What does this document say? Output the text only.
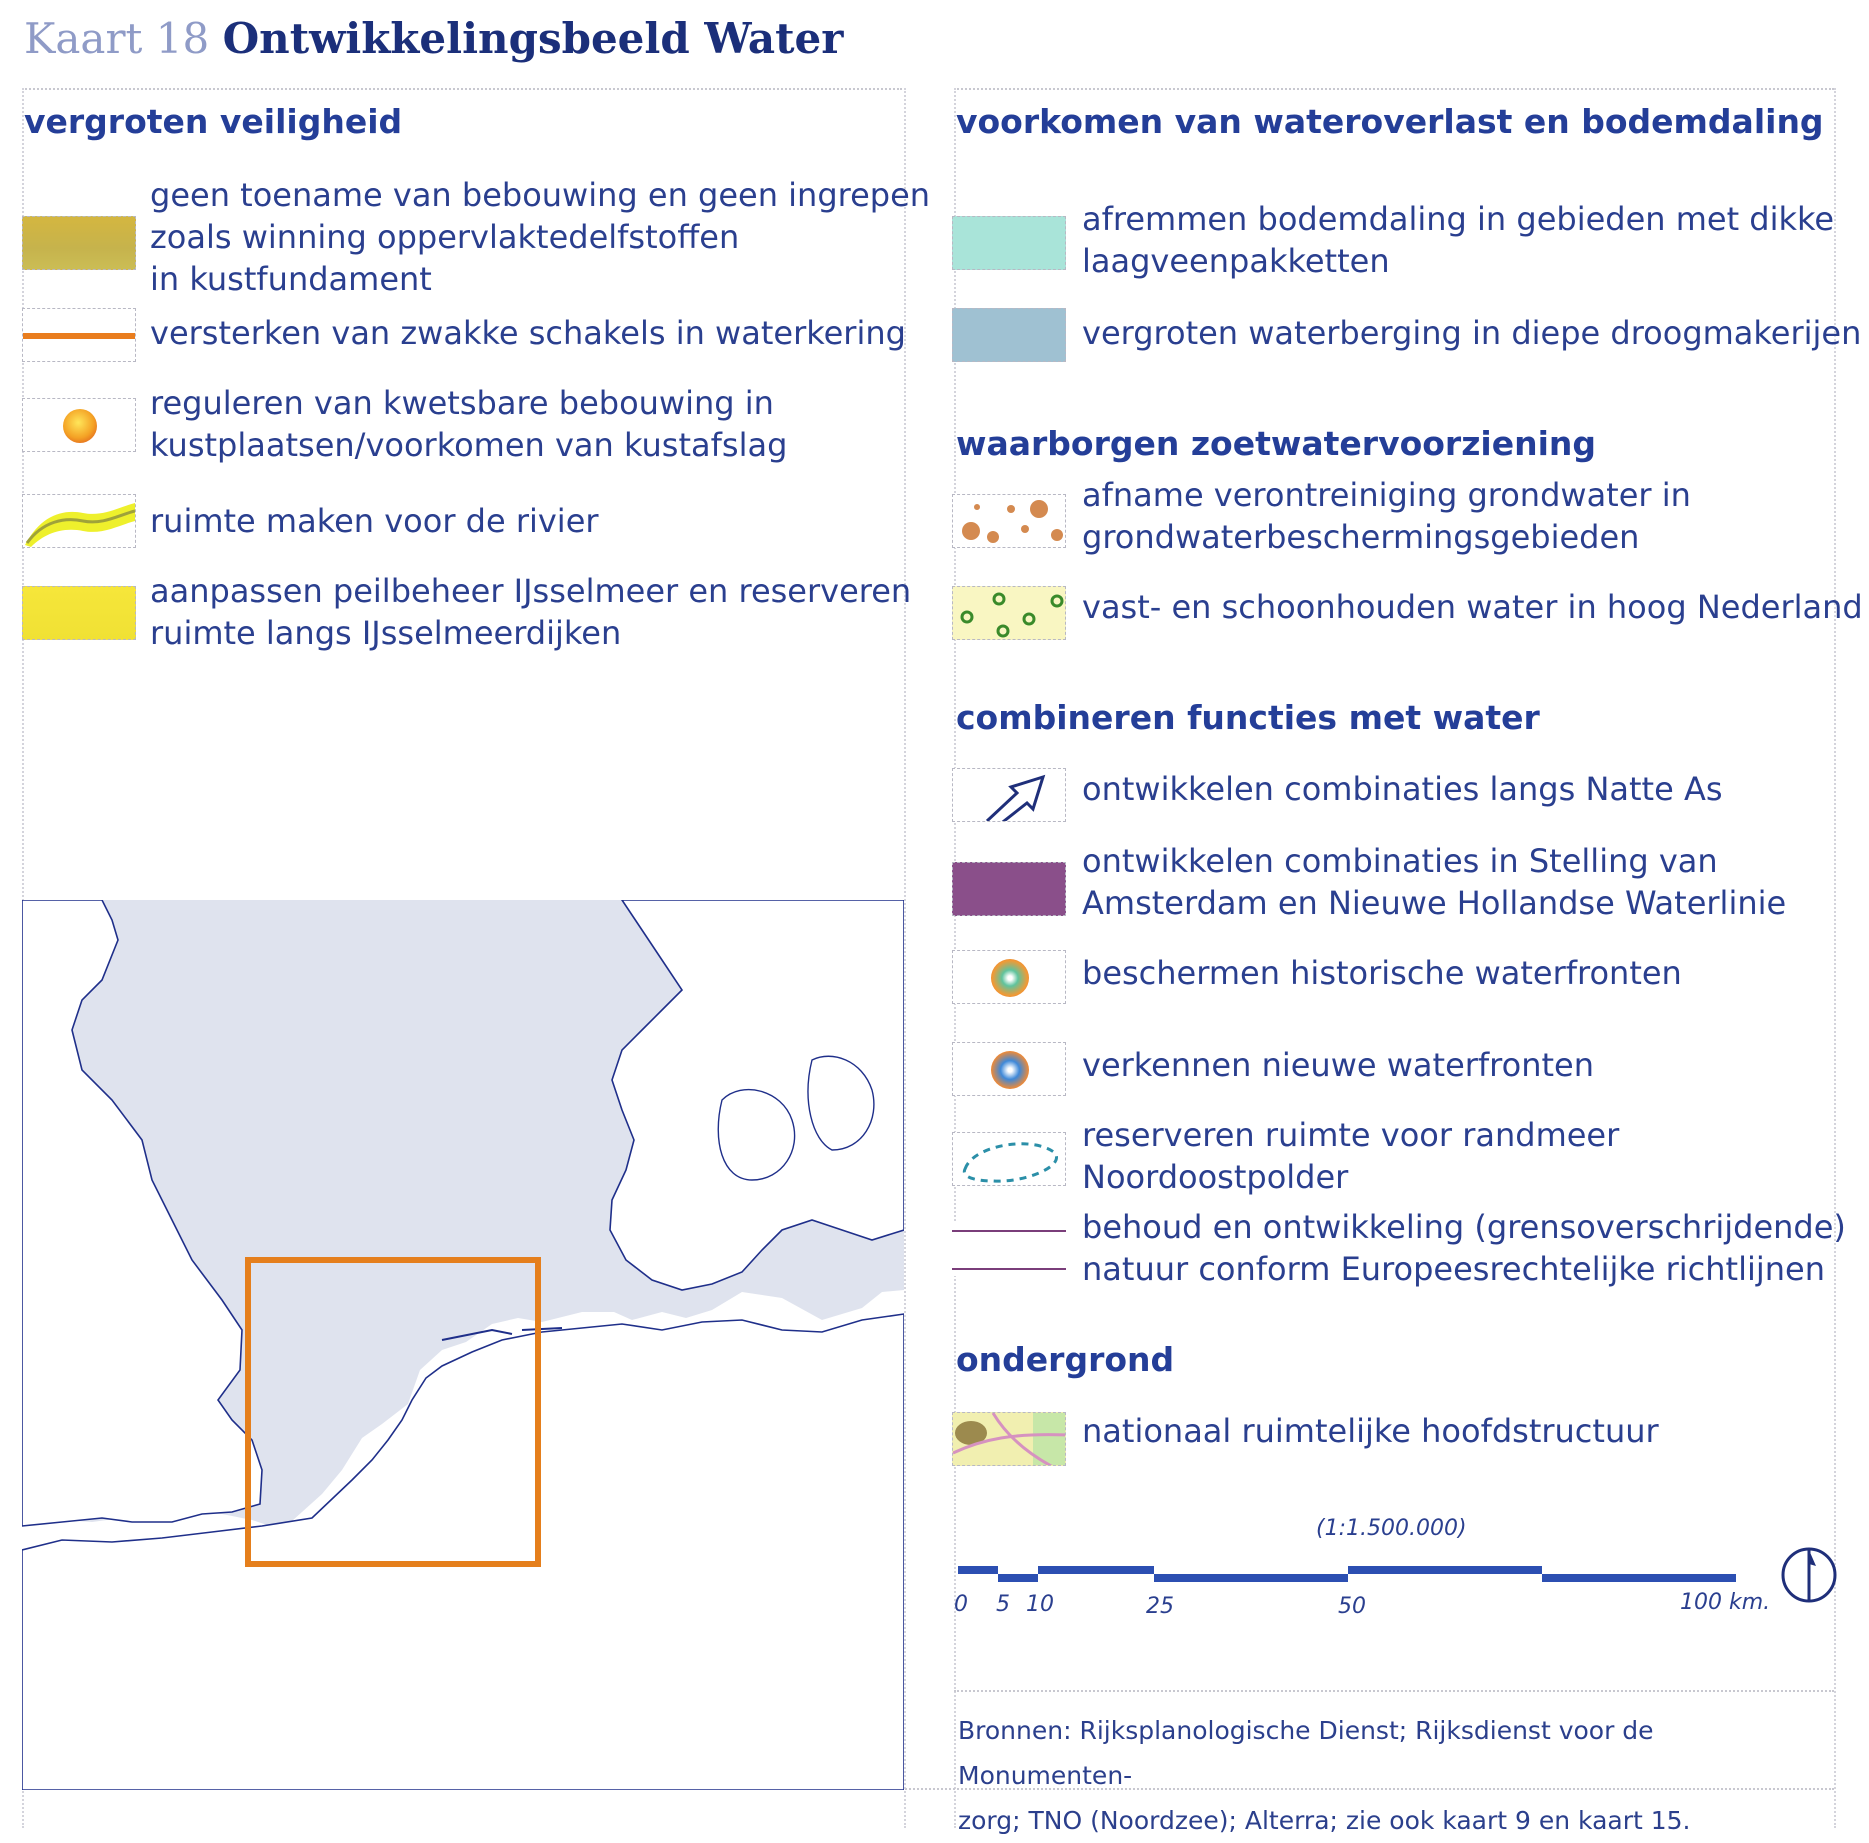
Kaart 18 Ontwikkelingsbeeld Water
vergroten veiligheid
geen toename van bebouwing en geen ingrepen
zoals winning oppervlaktedelfstoffen
in kustfundament
versterken van zwakke schakels in waterkering
reguleren van kwetsbare bebouwing in
kustplaatsen/voorkomen van kustafslag
ruimte maken voor de rivier
aanpassen peilbeheer IJsselmeer en reserveren
ruimte langs IJsselmeerdijken
voorkomen van wateroverlast en bodemdaling
afremmen bodemdaling in gebieden met dikke
laagveenpakketten
vergroten waterberging in diepe droogmakerijen
waarborgen zoetwatervoorziening
afname verontreiniging grondwater in
grondwaterbeschermingsgebieden
vast- en schoonhouden water in hoog Nederland
combineren functies met water
ontwikkelen combinaties langs Natte As
ontwikkelen combinaties in Stelling van
Amsterdam en Nieuwe Hollandse Waterlinie
beschermen historische waterfronten
verkennen nieuwe waterfronten
reserveren ruimte voor randmeer
Noordoostpolder
behoud en ontwikkeling (grensoverschrijdende)
natuur conform Europeesrechtelijke richtlijnen
ondergrond
nationaal ruimtelijke hoofdstructuur
(1:1.500.000)
0 5 10	25	50	100 km.
Bronnen: Rijksplanologische Dienst; Rijksdienst voor de Monumenten-
zorg; TNO (Noordzee); Alterra; zie ook kaart 9 en kaart 15.
